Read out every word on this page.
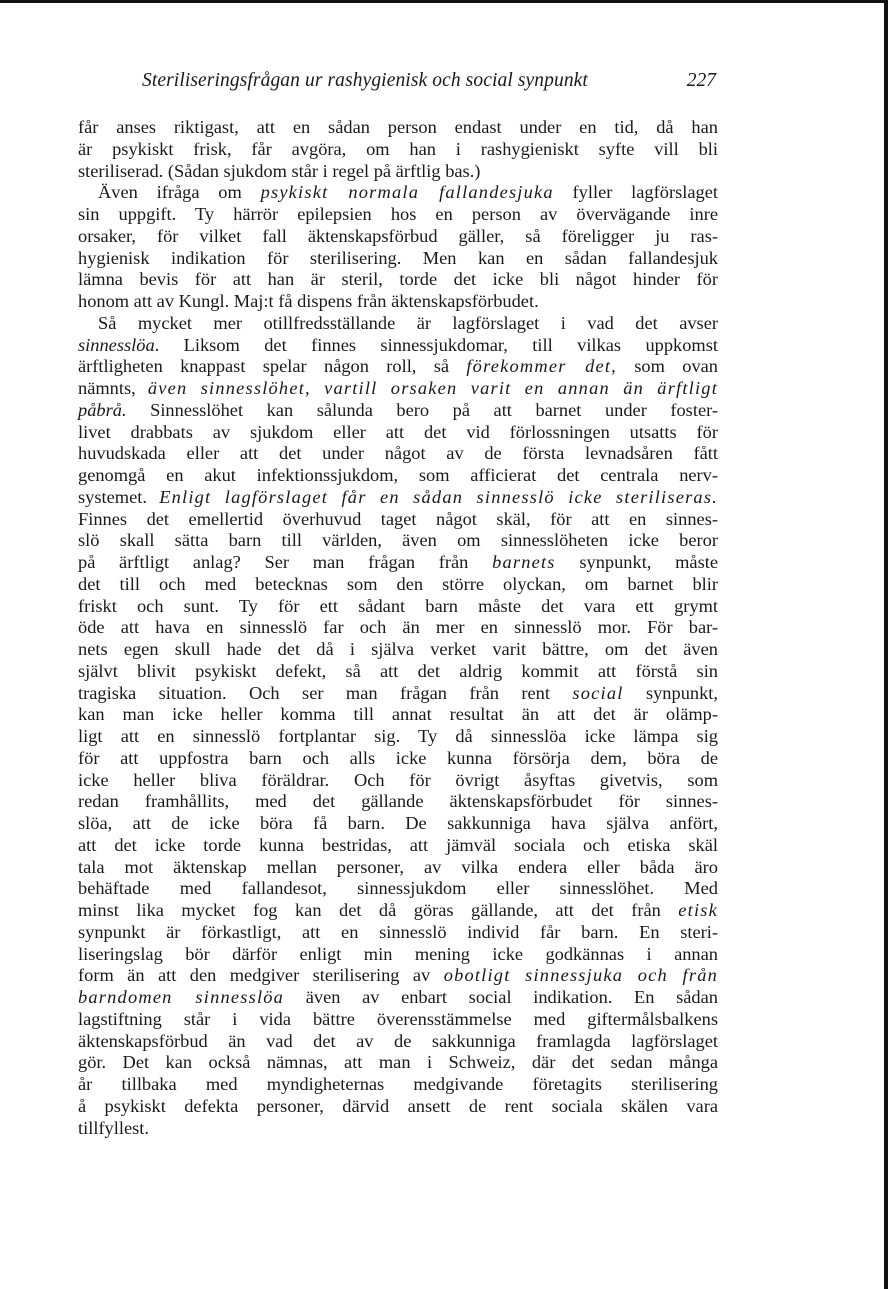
Steriliseringsfrågan ur rashygienisk och social synpunkt	227
får anses riktigast, att en sådan person endast under en tid, då han
är psykiskt frisk, får avgöra, om han i rashygieniskt syfte vill bli
steriliserad. (Sådan sjukdom står i regel på ärftlig bas.)
Även ifråga om psykiskt normala fallandesjuka fyller lagförslaget
sin uppgift. Ty härrör epilepsien hos en person av övervägande inre
orsaker, för vilket fall äktenskapsförbud gäller, så föreligger ju ras-
hygienisk indikation för sterilisering. Men kan en sådan fallandesjuk
lämna bevis för att han är steril, torde det icke bli något hinder för
honom att av Kungl. Maj:t få dispens från äktenskapsförbudet.
Så mycket mer otillfredsställande är lagförslaget i vad det avser
sinnesslöa. Liksom det finnes sinnessjukdomar, till vilkas uppkomst
ärftligheten knappast spelar någon roll, så förekommer det, som ovan
nämnts, även sinnesslöhet, vartill orsaken varit en annan än ärftligt
påbrå. Sinnesslöhet kan sålunda bero på att barnet under foster-
livet drabbats av sjukdom eller att det vid förlossningen utsatts för
huvudskada eller att det under något av de första levnadsåren fått
genomgå en akut infektionssjukdom, som afficierat det centrala nerv-
systemet. Enligt lagförslaget får en sådan sinnesslö icke steriliseras.
Finnes det emellertid överhuvud taget något skäl, för att en sinnes-
slö skall sätta barn till världen, även om sinnesslöheten icke beror
på ärftligt anlag? Ser man frågan från barnets synpunkt, måste
det till och med betecknas som den större olyckan, om barnet blir
friskt och sunt. Ty för ett sådant barn måste det vara ett grymt
öde att hava en sinnesslö far och än mer en sinnesslö mor. För bar-
nets egen skull hade det då i själva verket varit bättre, om det även
självt blivit psykiskt defekt, så att det aldrig kommit att förstå sin
tragiska situation. Och ser man frågan från rent social synpunkt,
kan man icke heller komma till annat resultat än att det är olämp-
ligt att en sinnesslö fortplantar sig. Ty då sinnesslöa icke lämpa sig
för att uppfostra barn och alls icke kunna försörja dem, böra de
icke heller bliva föräldrar. Och för övrigt åsyftas givetvis, som
redan framhållits, med det gällande äktenskapsförbudet för sinnes-
slöa, att de icke böra få barn. De sakkunniga hava själva anfört,
att det icke torde kunna bestridas, att jämväl sociala och etiska skäl
tala mot äktenskap mellan personer, av vilka endera eller båda äro
behäftade med fallandesot, sinnessjukdom eller sinnesslöhet. Med
minst lika mycket fog kan det då göras gällande, att det från etisk
synpunkt är förkastligt, att en sinnesslö individ får barn. En steri-
liseringslag bör därför enligt min mening icke godkännas i annan
form än att den medgiver sterilisering av obotligt sinnessjuka och från
barndomen sinnesslöa även av enbart social indikation. En sådan
lagstiftning står i vida bättre överensstämmelse med giftermålsbalkens
äktenskapsförbud än vad det av de sakkunniga framlagda lagförslaget
gör. Det kan också nämnas, att man i Schweiz, där det sedan många
år tillbaka med myndigheternas medgivande företagits sterilisering
å psykiskt defekta personer, därvid ansett de rent sociala skälen vara
tillfyllest.
